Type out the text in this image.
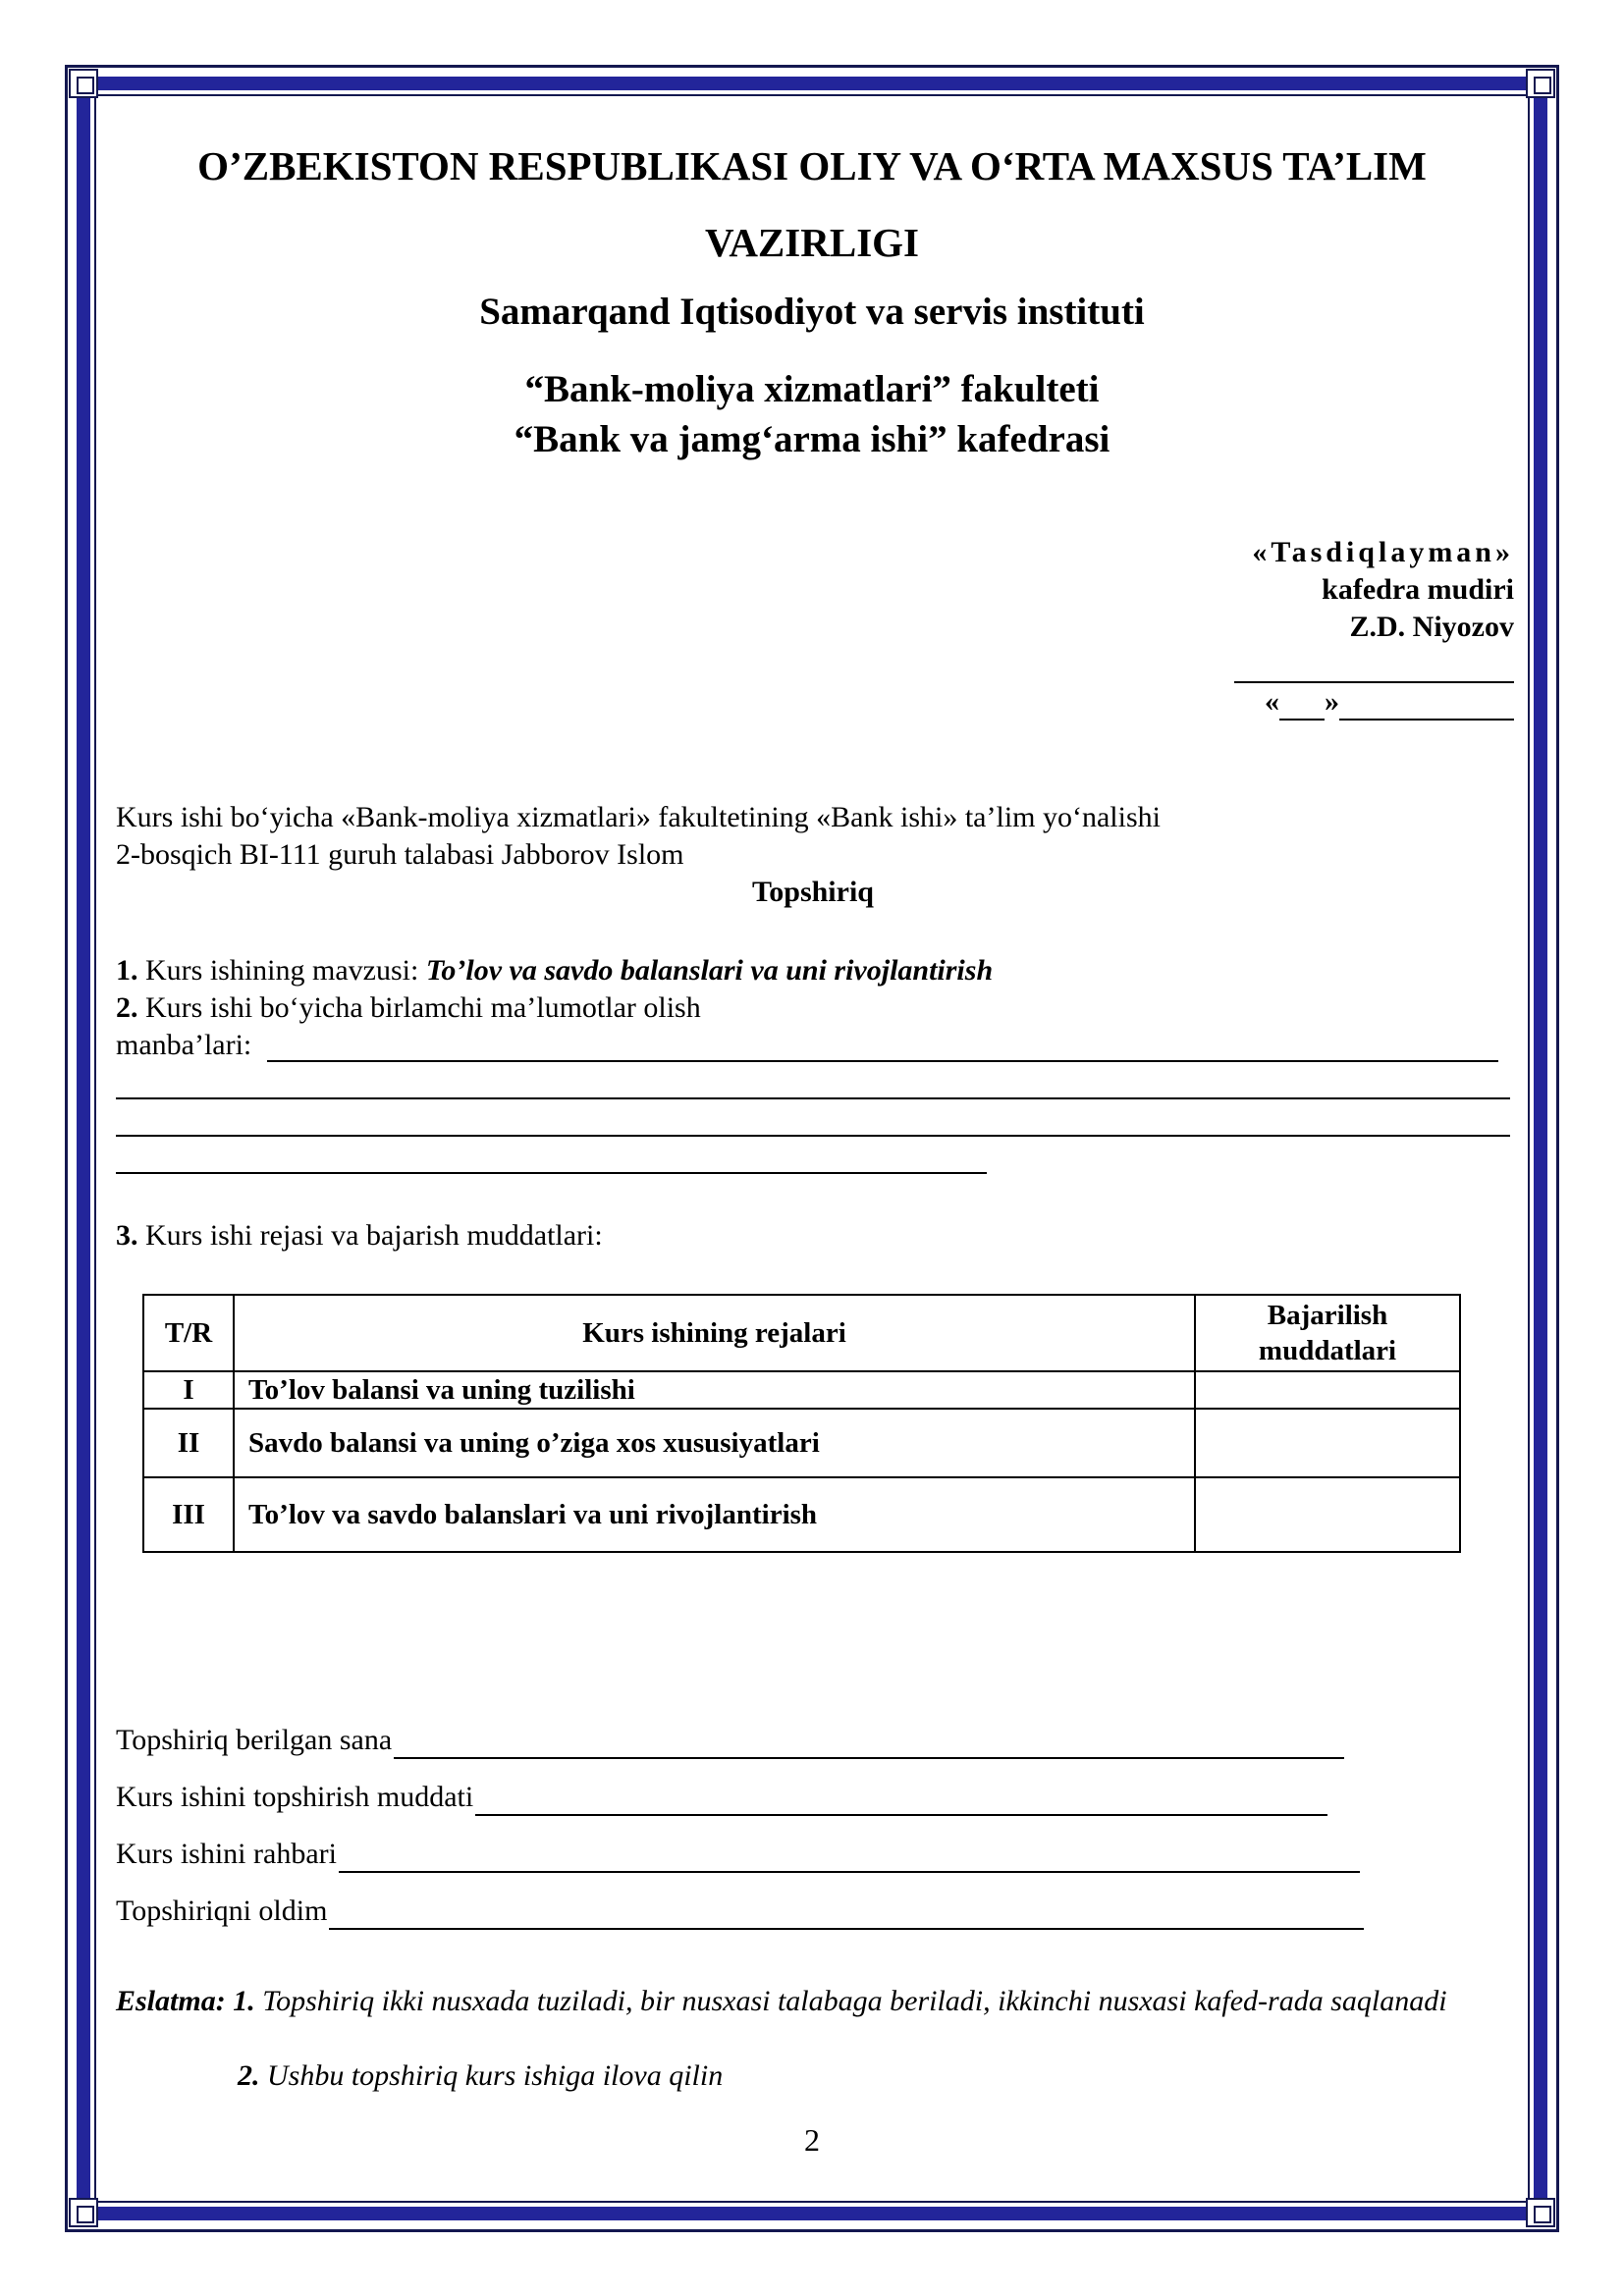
O’ZBEKISTON RESPUBLIKASI OLIY VA O‘RTA MAXSUS TA’LIM VAZIRLIGI
Samarqand Iqtisodiyot va servis instituti
“Bank-moliya xizmatlari” fakulteti
“Bank va jamg‘arma ishi” kafedrasi
«Tasdiqlayman»
kafedra mudiri
Z.D. Niyozov
« »
Kurs ishi bo‘yicha «Bank-moliya xizmatlari» fakultetining «Bank ishi» ta’lim yo‘nalishi
2-bosqich BI-111 guruh talabasi Jabborov Islom
Topshiriq
1. Kurs ishining mavzusi: To’lov va savdo balanslari va uni rivojlantirish
2. Kurs ishi bo‘yicha birlamchi ma’lumotlar olish
manba’lari:
3. Kurs ishi rejasi va bajarish muddatlari:
T/R	Kurs ishining rejalari	Bajarilish muddatlari
I	To’lov balansi va uning tuzilishi	
II	Savdo balansi va uning o’ziga xos xususiyatlari	
III	To’lov va savdo balanslari va uni rivojlantirish	
Topshiriq berilgan sana
Kurs ishini topshirish muddati
Kurs ishini rahbari
Topshiriqni oldim
Eslatma: 1. Topshiriq ikki nusxada tuziladi, bir nusxasi talabaga beriladi, ikkinchi nusxasi kafed-rada saqlanadi
2. Ushbu topshiriq kurs ishiga ilova qilin
2
